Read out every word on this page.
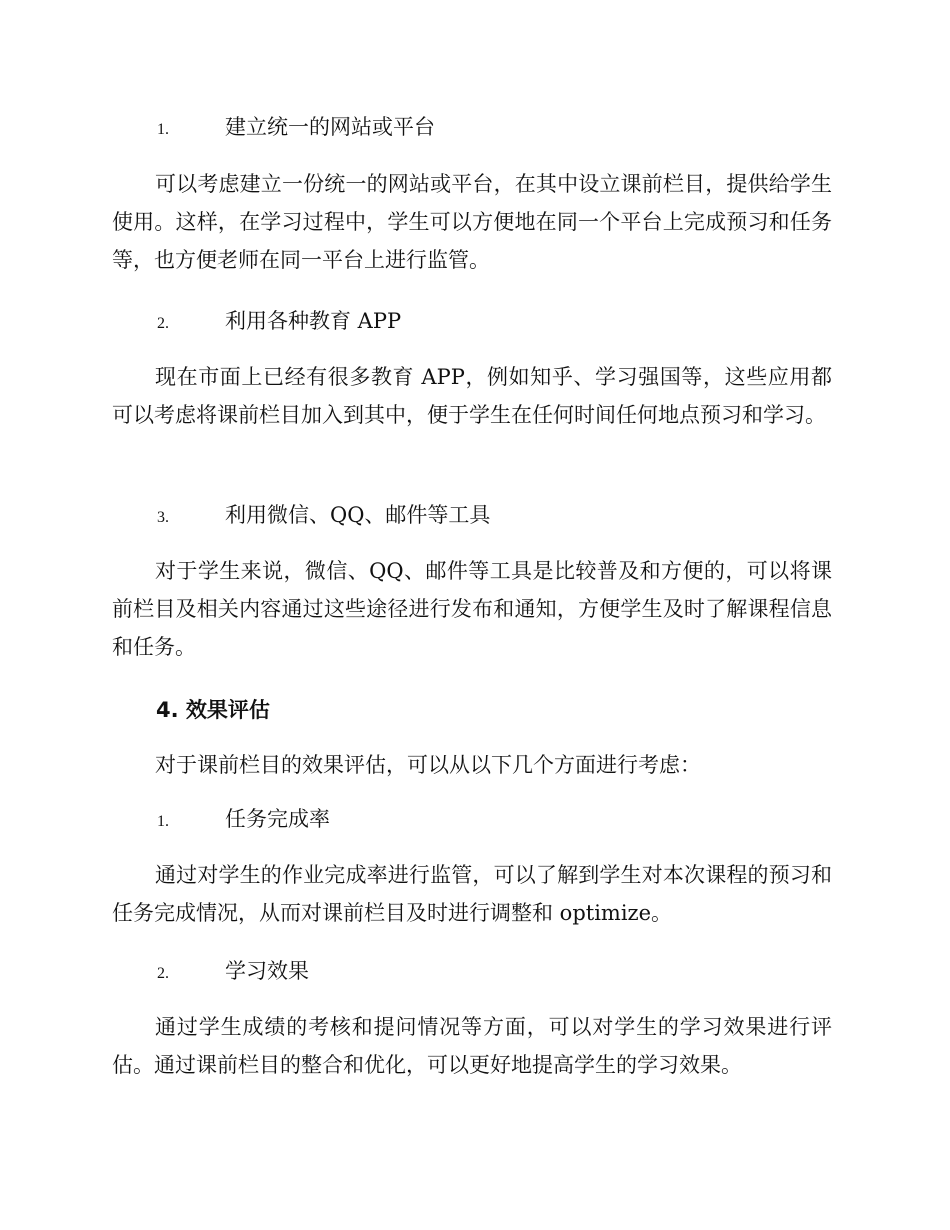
1.	建立统一的网站或平台

可以考虑建立一份统一的网站或平台，在其中设立课前栏目，提供给学生使用。这样，在学习过程中，学生可以方便地在同一个平台上完成预习和任务等，也方便老师在同一平台上进行监管。

2.	利用各种教育 APP

现在市面上已经有很多教育 APP，例如知乎、学习强国等，这些应用都可以考虑将课前栏目加入到其中，便于学生在任何时间任何地点预习和学习。

3.	利用微信、QQ、邮件等工具

对于学生来说，微信、QQ、邮件等工具是比较普及和方便的，可以将课前栏目及相关内容通过这些途径进行发布和通知，方便学生及时了解课程信息和任务。

4. 效果评估

对于课前栏目的效果评估，可以从以下几个方面进行考虑：

1.	任务完成率

通过对学生的作业完成率进行监管，可以了解到学生对本次课程的预习和任务完成情况，从而对课前栏目及时进行调整和 optimize。

2.	学习效果

通过学生成绩的考核和提问情况等方面，可以对学生的学习效果进行评估。通过课前栏目的整合和优化，可以更好地提高学生的学习效果。
